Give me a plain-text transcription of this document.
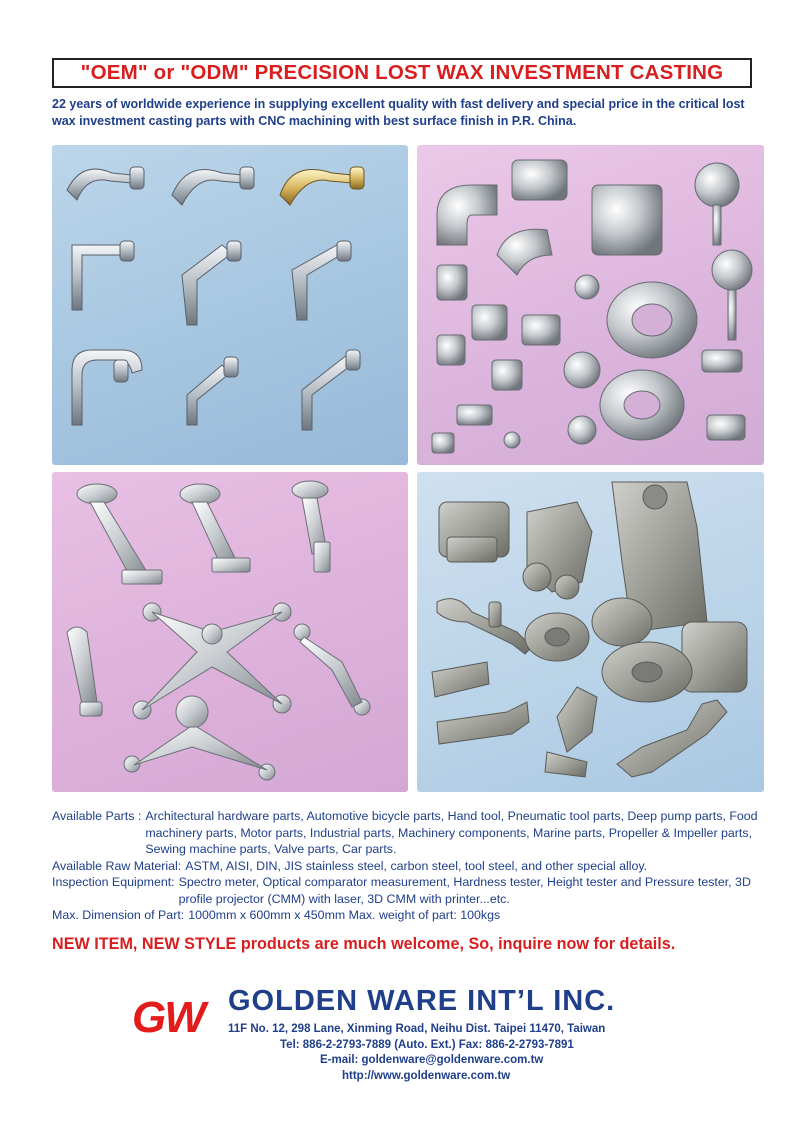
"OEM" or "ODM" PRECISION LOST WAX INVESTMENT CASTING
22 years of worldwide experience in supplying excellent quality with fast delivery and special price in the critical lost wax investment casting parts with CNC machining with best surface finish in P.R. China.
Available Parts : Architectural hardware parts, Automotive bicycle parts, Hand tool, Pneumatic tool parts, Deep pump parts, Food machinery parts, Motor parts, Industrial parts, Machinery components, Marine parts, Propeller & Impeller parts, Sewing machine parts, Valve parts, Car parts.
Available Raw Material: ASTM, AISI, DIN, JIS stainless steel, carbon steel, tool steel, and other special alloy.
Inspection Equipment: Spectro meter, Optical comparator measurement, Hardness tester, Height tester and Pressure tester, 3D profile projector (CMM) with laser, 3D CMM with printer...etc.
Max. Dimension of Part: 1000mm x 600mm x 450mm Max. weight of part: 100kgs
NEW ITEM, NEW STYLE products are much welcome, So, inquire now for details.
GW GOLDEN WARE INT’L INC.
11F No. 12, 298 Lane, Xinming Road, Neihu Dist. Taipei 11470, Taiwan
Tel: 886-2-2793-7889 (Auto. Ext.) Fax: 886-2-2793-7891
E-mail: goldenware@goldenware.com.tw
http://www.goldenware.com.tw
